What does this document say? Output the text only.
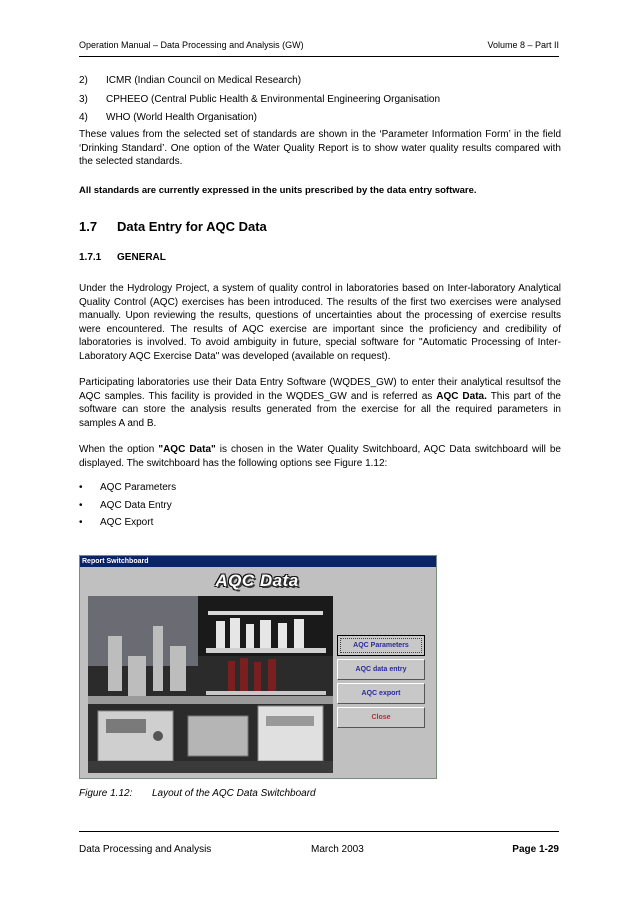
Operation Manual – Data Processing and Analysis (GW)	Volume 8 – Part II
2) ICMR (Indian Council on Medical Research)
3) CPHEEO (Central Public Health & Environmental Engineering Organisation
4) WHO (World Health Organisation)
These values from the selected set of standards are shown in the ‘Parameter Information Form’ in the field ‘Drinking Standard’. One option of the Water Quality Report is to show water quality results compared with the selected standards.
All standards are currently expressed in the units prescribed by the data entry software.
1.7 Data Entry for AQC Data
1.7.1 GENERAL
Under the Hydrology Project, a system of quality control in laboratories based on Inter-laboratory Analytical Quality Control (AQC) exercises has been introduced. The results of the first two exercises were analysed manually. Upon reviewing the results, questions of uncertainties about the processing of exercise results were encountered. The results of AQC exercise are important since the proficiency and credibility of laboratories is involved. To avoid ambiguity in future, special software for "Automatic Processing of Inter-Laboratory AQC Exercise Data" was developed (available on request).
Participating laboratories use their Data Entry Software (WQDES_GW) to enter their analytical resultsof the AQC samples. This facility is provided in the WQDES_GW and is referred as AQC Data. This part of the software can store the analysis results generated from the exercise for all the required parameters in samples A and B.
When the option "AQC Data" is chosen in the Water Quality Switchboard, AQC Data switchboard will be displayed. The switchboard has the following options see Figure 1.12:
• AQC Parameters
• AQC Data Entry
• AQC Export
Report Switchboard
AQC Data
AQC Parameters
AQC data entry
AQC export
Close
Figure 1.12: Layout of the AQC Data Switchboard
Data Processing and Analysis	March 2003	Page 1-29
